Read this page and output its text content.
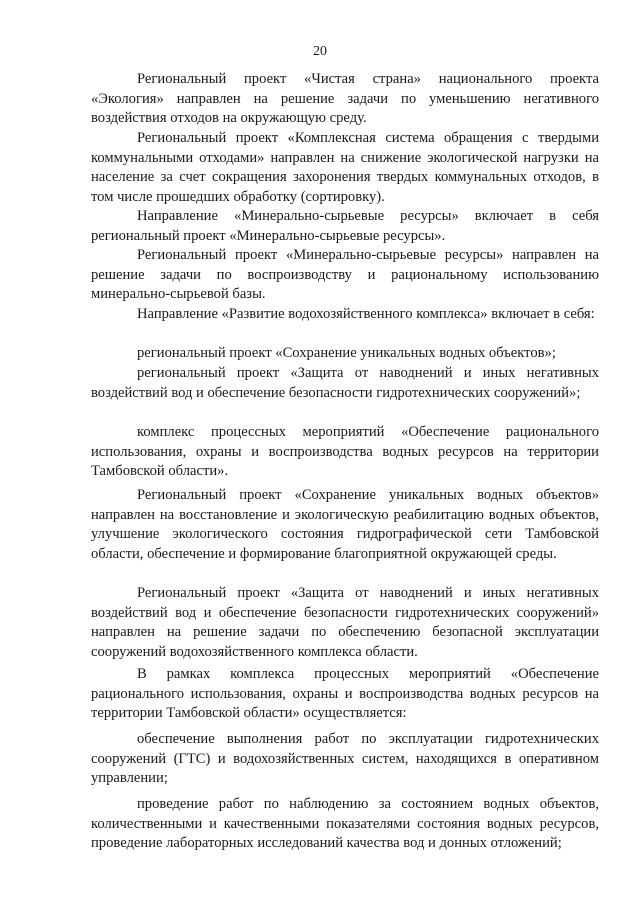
20

Региональный проект «Чистая страна» национального проекта «Экология» направлен на решение задачи по уменьшению негативного воздействия отходов на окружающую среду.

Региональный проект «Комплексная система обращения с твердыми коммунальными отходами» направлен на снижение экологической нагрузки на население за счет сокращения захоронения твердых коммунальных отходов, в том числе прошедших обработку (сортировку).

Направление «Минерально-сырьевые ресурсы» включает в себя региональный проект «Минерально-сырьевые ресурсы».

Региональный проект «Минерально-сырьевые ресурсы» направлен на решение задачи по воспроизводству и рациональному использованию минерально-сырьевой базы.

Направление «Развитие водохозяйственного комплекса» включает в себя:

региональный проект «Сохранение уникальных водных объектов»;

региональный проект «Защита от наводнений и иных негативных воздействий вод и обеспечение безопасности гидротехнических сооружений»;

комплекс процессных мероприятий «Обеспечение рационального использования, охраны и воспроизводства водных ресурсов на территории Тамбовской области».

Региональный проект «Сохранение уникальных водных объектов» направлен на восстановление и экологическую реабилитацию водных объектов, улучшение экологического состояния гидрографической сети Тамбовской области, обеспечение и формирование благоприятной окружающей среды.

Региональный проект «Защита от наводнений и иных негативных воздействий вод и обеспечение безопасности гидротехнических сооружений» направлен на решение задачи по обеспечению безопасной эксплуатации сооружений водохозяйственного комплекса области.

В рамках комплекса процессных мероприятий «Обеспечение рационального использования, охраны и воспроизводства водных ресурсов на территории Тамбовской области» осуществляется:

обеспечение выполнения работ по эксплуатации гидротехнических сооружений (ГТС) и водохозяйственных систем, находящихся в оперативном управлении;

проведение работ по наблюдению за состоянием водных объектов, количественными и качественными показателями состояния водных ресурсов, проведение лабораторных исследований качества вод и донных отложений;
